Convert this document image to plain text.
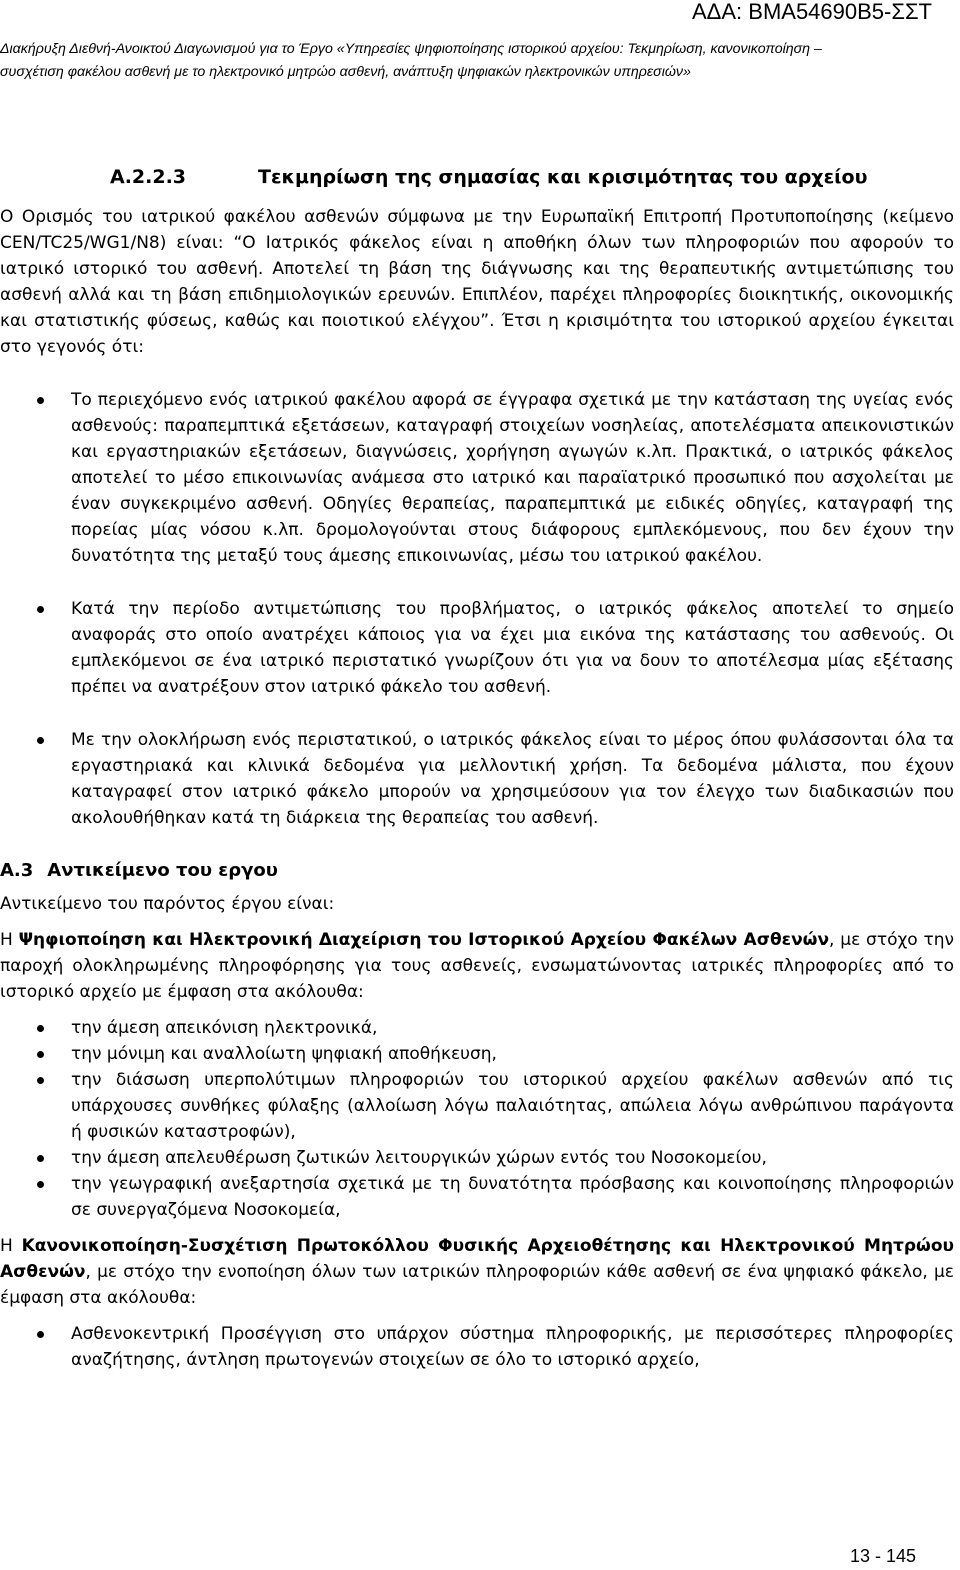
ΑΔΑ: ΒΜΑ54690Β5-ΣΣΤ
Διακήρυξη Διεθνή-Ανοικτού Διαγωνισμού για το Έργο «Υπηρεσίες ψηφιοποίησης ιστορικού αρχείου: Τεκμηρίωση, κανονικοποίηση –
συσχέτιση φακέλου ασθενή με το ηλεκτρονικό μητρώο ασθενή, ανάπτυξη ψηφιακών ηλεκτρονικών υπηρεσιών»
Α.2.2.3	Τεκμηρίωση της σημασίας και κρισιμότητας του αρχείου

Ο Ορισμός του ιατρικού φακέλου ασθενών σύμφωνα με την Ευρωπαϊκή Επιτροπή Προτυποποίησης (κείμενο CEN/TC25/WG1/N8) είναι: “Ο Ιατρικός φάκελος είναι η αποθήκη όλων των πληροφοριών που αφορούν το ιατρικό ιστορικό του ασθενή. Αποτελεί τη βάση της διάγνωσης και της θεραπευτικής αντιμετώπισης του ασθενή αλλά και τη βάση επιδημιολογικών ερευνών. Επιπλέον, παρέχει πληροφορίες διοικητικής, οικονομικής και στατιστικής φύσεως, καθώς και ποιοτικού ελέγχου”. Έτσι η κρισιμότητα του ιστορικού αρχείου έγκειται στο γεγονός ότι:

Το περιεχόμενο ενός ιατρικού φακέλου αφορά σε έγγραφα σχετικά με την κατάσταση της υγείας ενός ασθενούς: παραπεμπτικά εξετάσεων, καταγραφή στοιχείων νοσηλείας, αποτελέσματα απεικονιστικών και εργαστηριακών εξετάσεων, διαγνώσεις, χορήγηση αγωγών κ.λπ. Πρακτικά, ο ιατρικός φάκελος αποτελεί το μέσο επικοινωνίας ανάμεσα στο ιατρικό και παραϊατρικό προσωπικό που ασχολείται με έναν συγκεκριμένο ασθενή. Οδηγίες θεραπείας, παραπεμπτικά με ειδικές οδηγίες, καταγραφή της πορείας μίας νόσου κ.λπ. δρομολογούνται στους διάφορους εμπλεκόμενους, που δεν έχουν την δυνατότητα της μεταξύ τους άμεσης επικοινωνίας, μέσω του ιατρικού φακέλου.
Κατά την περίοδο αντιμετώπισης του προβλήματος, ο ιατρικός φάκελος αποτελεί το σημείο αναφοράς στο οποίο ανατρέχει κάποιος για να έχει μια εικόνα της κατάστασης του ασθενούς. Οι εμπλεκόμενοι σε ένα ιατρικό περιστατικό γνωρίζουν ότι για να δουν το αποτέλεσμα μίας εξέτασης πρέπει να ανατρέξουν στον ιατρικό φάκελο του ασθενή.
Με την ολοκλήρωση ενός περιστατικού, ο ιατρικός φάκελος είναι το μέρος όπου φυλάσσονται όλα τα εργαστηριακά και κλινικά δεδομένα για μελλοντική χρήση. Τα δεδομένα μάλιστα, που έχουν καταγραφεί στον ιατρικό φάκελο μπορούν να χρησιμεύσουν για τον έλεγχο των διαδικασιών που ακολουθήθηκαν κατά τη διάρκεια της θεραπείας του ασθενή.
Α.3 Αντικείμενο του εργου

Αντικείμενο του παρόντος έργου είναι:

Η Ψηφιοποίηση και Ηλεκτρονική Διαχείριση του Ιστορικού Αρχείου Φακέλων Ασθενών, με στόχο την παροχή ολοκληρωμένης πληροφόρησης για τους ασθενείς, ενσωματώνοντας ιατρικές πληροφορίες από το ιστορικό αρχείο με έμφαση στα ακόλουθα:

την άμεση απεικόνιση ηλεκτρονικά,
την μόνιμη και αναλλοίωτη ψηφιακή αποθήκευση,
την διάσωση υπερπολύτιμων πληροφοριών του ιστορικού αρχείου φακέλων ασθενών από τις υπάρχουσες συνθήκες φύλαξης (αλλοίωση λόγω παλαιότητας, απώλεια λόγω ανθρώπινου παράγοντα ή φυσικών καταστροφών),
την άμεση απελευθέρωση ζωτικών λειτουργικών χώρων εντός του Νοσοκομείου,
την γεωγραφική ανεξαρτησία σχετικά με τη δυνατότητα πρόσβασης και κοινοποίησης πληροφοριών σε συνεργαζόμενα Νοσοκομεία,

Η Κανονικοποίηση-Συσχέτιση Πρωτοκόλλου Φυσικής Αρχειοθέτησης και Ηλεκτρονικού Μητρώου Ασθενών, με στόχο την ενοποίηση όλων των ιατρικών πληροφοριών κάθε ασθενή σε ένα ψηφιακό φάκελο, με έμφαση στα ακόλουθα:

Ασθενοκεντρική Προσέγγιση στο υπάρχον σύστημα πληροφορικής, με περισσότερες πληροφορίες αναζήτησης, άντληση πρωτογενών στοιχείων σε όλο το ιστορικό αρχείο,
13 - 145
